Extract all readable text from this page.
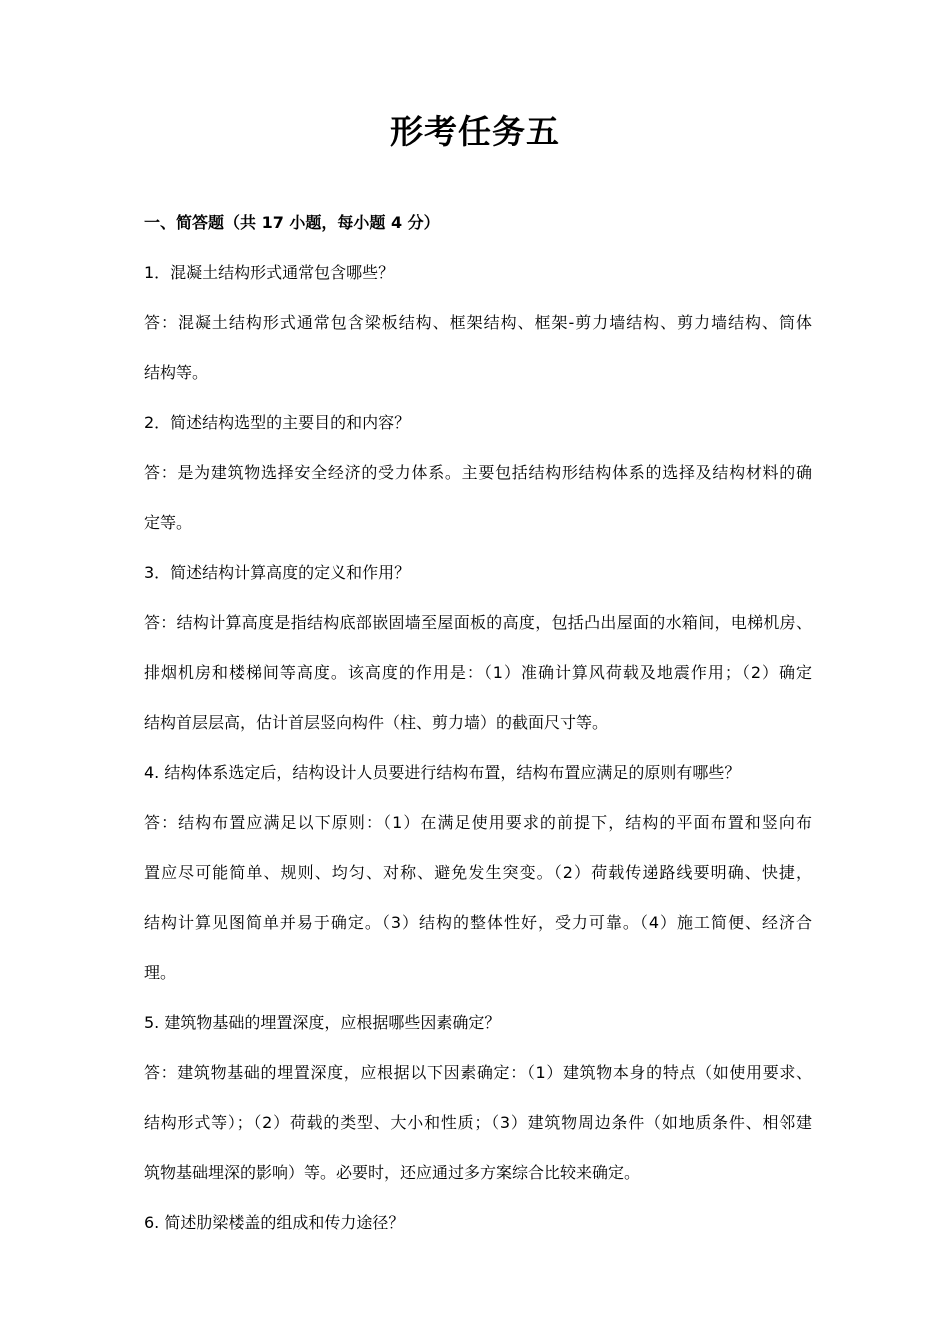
形考任务五
一、简答题（共 17 小题，每小题 4 分）
1．混凝土结构形式通常包含哪些？
答：混凝土结构形式通常包含梁板结构、框架结构、框架-剪力墙结构、剪力墙结构、筒体
结构等。
2．简述结构选型的主要目的和内容？
答：是为建筑物选择安全经济的受力体系。主要包括结构形结构体系的选择及结构材料的确
定等。
3．简述结构计算高度的定义和作用？
答：结构计算高度是指结构底部嵌固墙至屋面板的高度，包括凸出屋面的水箱间，电梯机房、
排烟机房和楼梯间等高度。该高度的作用是：（1）准确计算风荷载及地震作用；（2）确定
结构首层层高，估计首层竖向构件（柱、剪力墙）的截面尺寸等。
4. 结构体系选定后，结构设计人员要进行结构布置，结构布置应满足的原则有哪些？
答：结构布置应满足以下原则：（1）在满足使用要求的前提下，结构的平面布置和竖向布
置应尽可能简单、规则、均匀、对称、避免发生突变。（2）荷载传递路线要明确、快捷，
结构计算见图简单并易于确定。（3）结构的整体性好，受力可靠。（4）施工简便、经济合
理。
5. 建筑物基础的埋置深度，应根据哪些因素确定？
答：建筑物基础的埋置深度，应根据以下因素确定：（1）建筑物本身的特点（如使用要求、
结构形式等）；（2）荷载的类型、大小和性质；（3）建筑物周边条件（如地质条件、相邻建
筑物基础埋深的影响）等。必要时，还应通过多方案综合比较来确定。
6. 简述肋梁楼盖的组成和传力途径？
